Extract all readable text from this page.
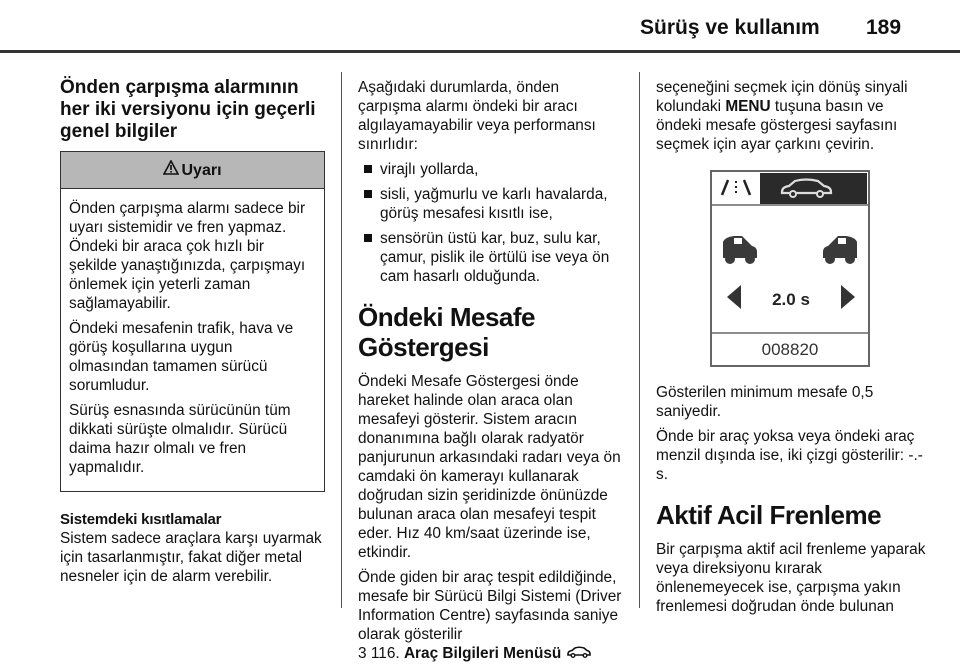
Sürüş ve kullanım 189
Önden çarpışma alarmının her iki versiyonu için geçerli genel bilgiler
Uyarı

Önden çarpışma alarmı sadece bir uyarı sistemidir ve fren yapmaz. Öndeki bir araca çok hızlı bir şekilde yanaştığınızda, çarpışmayı önlemek için yeterli zaman sağlamayabilir.

Öndeki mesafenin trafik, hava ve görüş koşullarına uygun olmasından tamamen sürücü sorumludur.

Sürüş esnasında sürücünün tüm dikkati sürüşte olmalıdır. Sürücü daima hazır olmalı ve fren yapmalıdır.

Sistemdeki kısıtlamalar

Sistem sadece araçlara karşı uyarmak için tasarlanmıştır, fakat diğer metal nesneler için de alarm verebilir.

Aşağıdaki durumlarda, önden çarpışma alarmı öndeki bir aracı algılayamayabilir veya performansı sınırlıdır:

virajlı yollarda,
sisli, yağmurlu ve karlı havalarda, görüş mesafesi kısıtlı ise,
sensörün üstü kar, buz, sulu kar, çamur, pislik ile örtülü ise veya ön cam hasarlı olduğunda.
Öndeki Mesafe Göstergesi

Öndeki Mesafe Göstergesi önde hareket halinde olan araca olan mesafeyi gösterir. Sistem aracın donanımına bağlı olarak radyatör panjurunun arkasındaki radarı veya ön camdaki ön kamerayı kullanarak doğrudan sizin şeridinizde önünüzde bulunan araca olan mesafeyi tespit eder. Hız 40 km/saat üzerinde ise, etkindir.

Önde giden bir araç tespit edildiğinde, mesafe bir Sürücü Bilgi Sistemi (Driver Information Centre) sayfasında saniye olarak gösterilir
3 116. Araç Bilgileri Menüsü

seçeneğini seçmek için dönüş sinyali kolundaki MENU tuşuna basın ve öndeki mesafe göstergesi sayfasını seçmek için ayar çarkını çevirin.

2.0 s
008820

Gösterilen minimum mesafe 0,5 saniyedir.

Önde bir araç yoksa veya öndeki araç menzil dışında ise, iki çizgi gösterilir: -.- s.

Aktif Acil Frenleme

Bir çarpışma aktif acil frenleme yaparak veya direksiyonu kırarak önlenemeyecek ise, çarpışma yakın frenlemesi doğrudan önde bulunan
